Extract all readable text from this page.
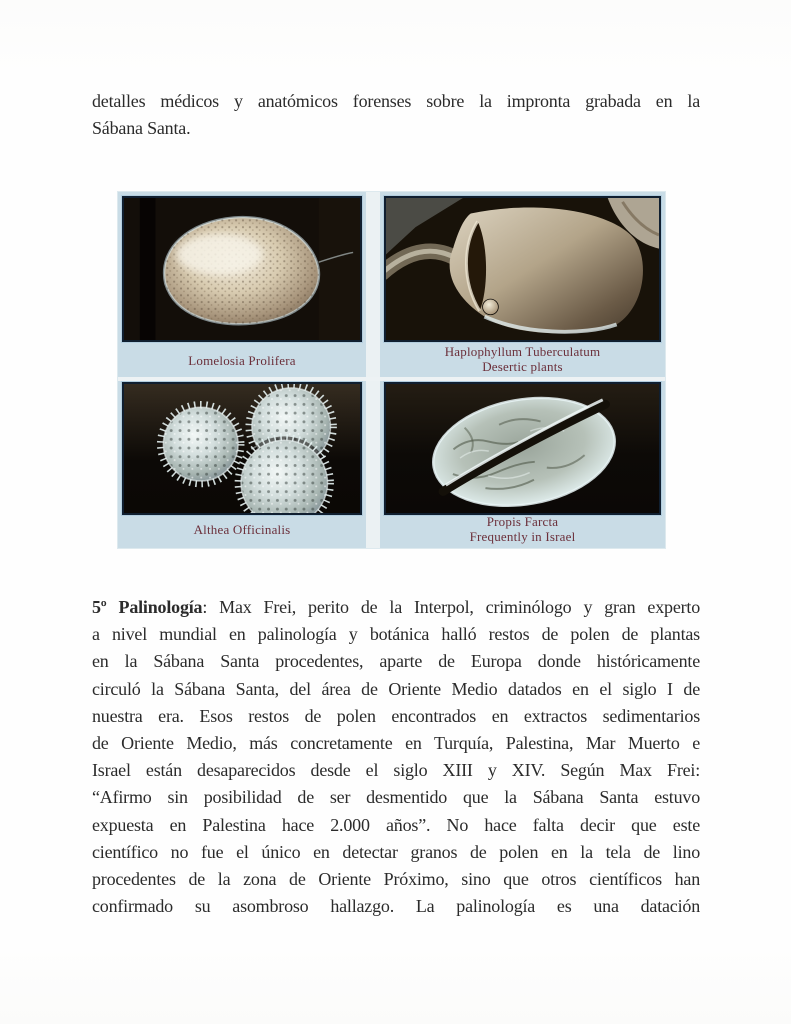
detalles médicos y anatómicos forenses sobre la impronta grabada en la
Sábana Santa.
Lomelosia Prolifera
Haplophyllum Tuberculatum
Desertic plants
Althea Officinalis
Propis Farcta
Frequently in Israel
5º Palinología: Max Frei, perito de la Interpol, criminólogo y gran experto
a nivel mundial en palinología y botánica halló restos de polen de plantas
en la Sábana Santa procedentes, aparte de Europa donde históricamente
circuló la Sábana Santa, del área de Oriente Medio datados en el siglo I de
nuestra era. Esos restos de polen encontrados en extractos sedimentarios
de Oriente Medio, más concretamente en Turquía, Palestina, Mar Muerto e
Israel están desaparecidos desde el siglo XIII y XIV. Según Max Frei:
“Afirmo sin posibilidad de ser desmentido que la Sábana Santa estuvo
expuesta en Palestina hace 2.000 años”. No hace falta decir que este
científico no fue el único en detectar granos de polen en la tela de lino
procedentes de la zona de Oriente Próximo, sino que otros científicos han
confirmado su asombroso hallazgo. La palinología es una datación
